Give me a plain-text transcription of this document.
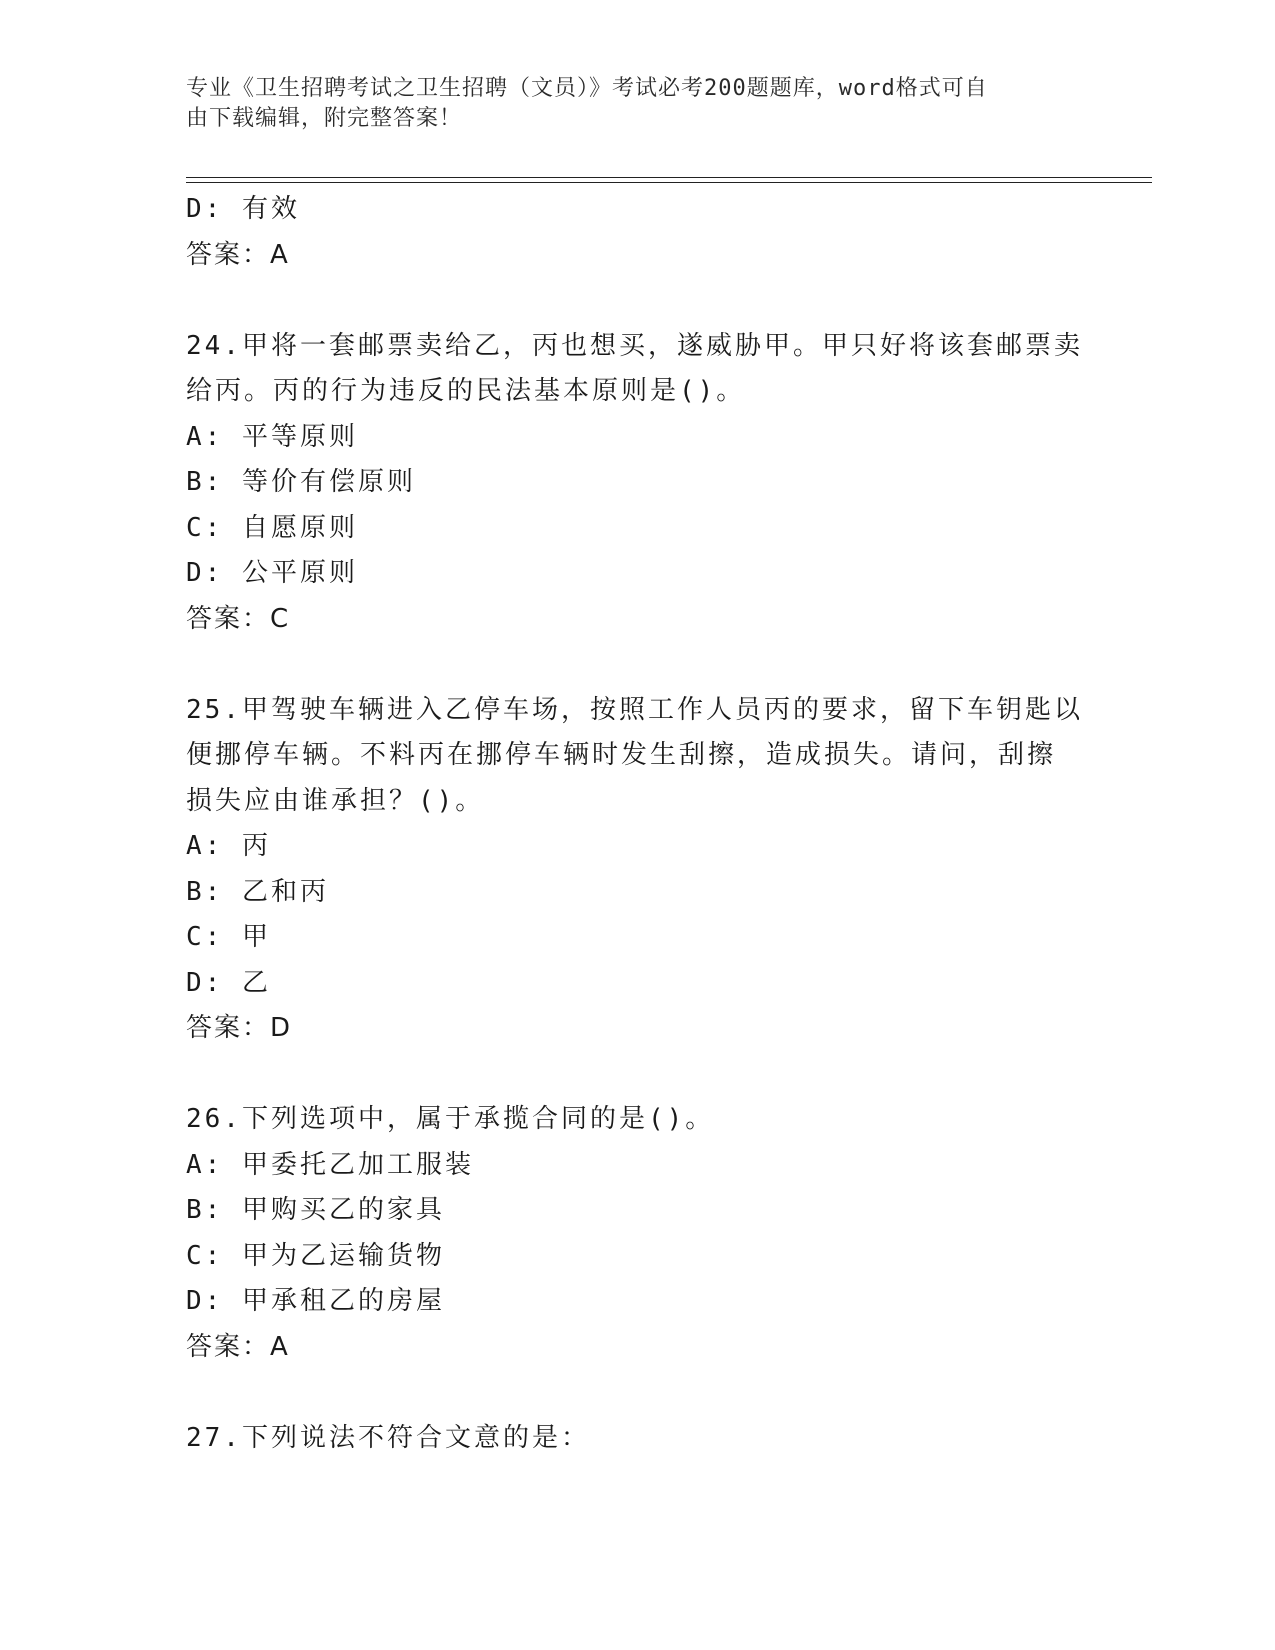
专业《卫生招聘考试之卫生招聘（文员）》考试必考200题题库，word格式可自
由下载编辑，附完整答案！
D: 有效
答案：A
24.甲将一套邮票卖给乙，丙也想买，遂威胁甲。甲只好将该套邮票卖
给丙。丙的行为违反的民法基本原则是()。
A: 平等原则
B: 等价有偿原则
C: 自愿原则
D: 公平原则
答案：C
25.甲驾驶车辆进入乙停车场，按照工作人员丙的要求，留下车钥匙以
便挪停车辆。不料丙在挪停车辆时发生刮擦，造成损失。请问，刮擦
损失应由谁承担？()。
A: 丙
B: 乙和丙
C: 甲
D: 乙
答案：D
26.下列选项中，属于承揽合同的是()。
A: 甲委托乙加工服装
B: 甲购买乙的家具
C: 甲为乙运输货物
D: 甲承租乙的房屋
答案：A
27.下列说法不符合文意的是：
